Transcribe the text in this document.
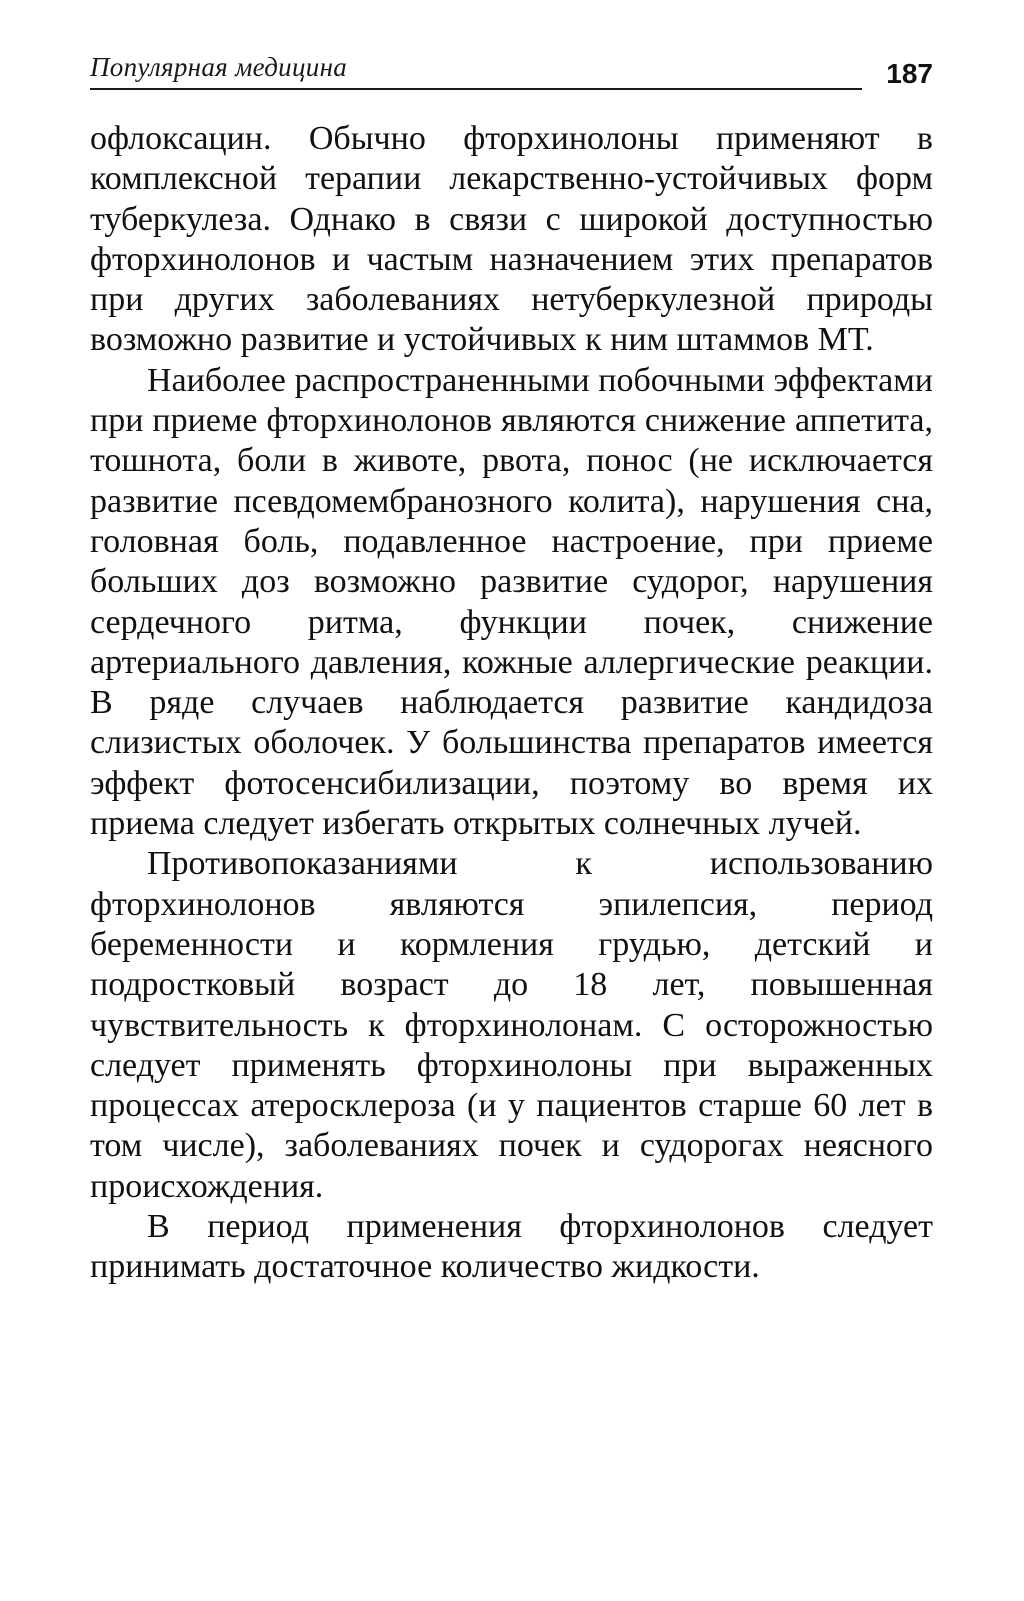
Популярная медицина	187

офлоксацин. Обычно фторхинолоны применяют в комплексной терапии лекарственно-устойчивых форм туберкулеза. Однако в связи с широкой доступностью фторхинолонов и частым назначением этих препаратов при других заболеваниях нетуберкулезной природы возможно развитие и устойчивых к ним штаммов МТ.

Наиболее распространенными побочными эффектами при приеме фторхинолонов являются снижение аппетита, тошнота, боли в животе, рвота, понос (не исключается развитие псевдомембранозного колита), нарушения сна, головная боль, подавленное настроение, при приеме больших доз возможно развитие судорог, нарушения сердечного ритма, функции почек, снижение артериального давления, кожные аллергические реакции. В ряде случаев наблюдается развитие кандидоза слизистых оболочек. У большинства препаратов имеется эффект фотосенсибилизации, поэтому во время их приема следует избегать открытых солнечных лучей.

Противопоказаниями к использованию фторхинолонов являются эпилепсия, период беременности и кормления грудью, детский и подростковый возраст до 18 лет, повышенная чувствительность к фторхинолонам. С осторожностью следует применять фторхинолоны при выраженных процессах атеросклероза (и у пациентов старше 60 лет в том числе), заболеваниях почек и судорогах неясного происхождения.

В период применения фторхинолонов следует принимать достаточное количество жидкости.
